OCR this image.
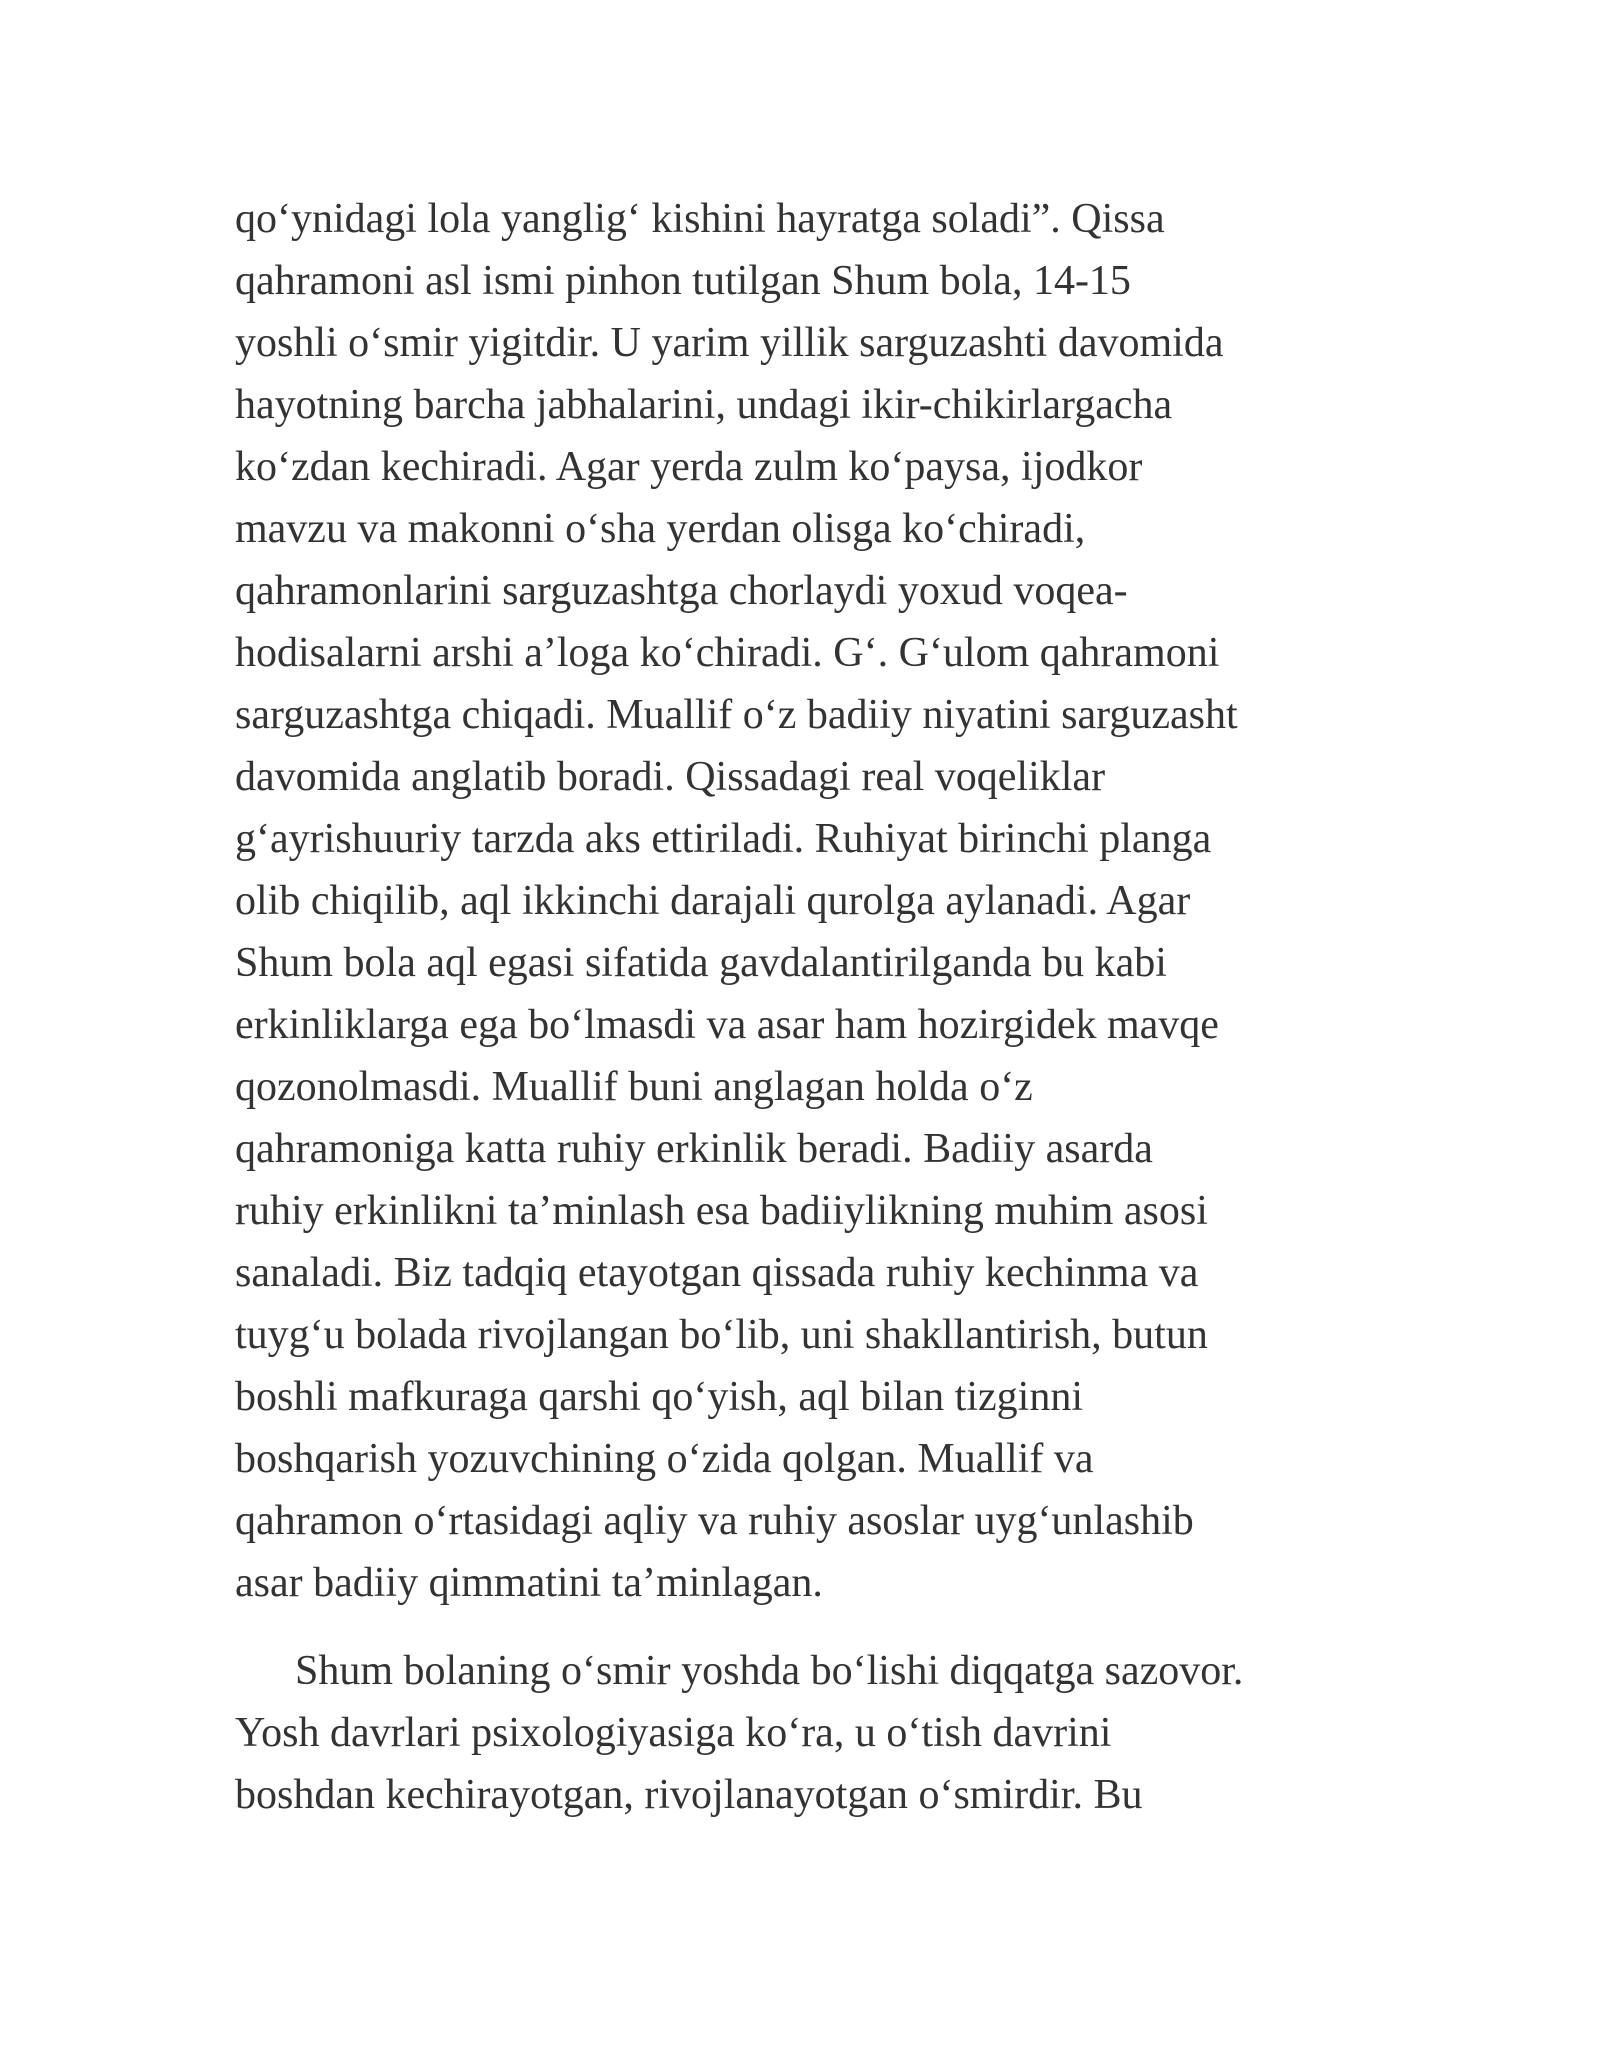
qo‘ynidagi lola yanglig‘ kishini hayratga soladi”. Qissa
qahramoni asl ismi pinhon tutilgan Shum bola, 14-15
yoshli o‘smir yigitdir. U yarim yillik sarguzashti davomida
hayotning barcha jabhalarini, undagi ikir-chikirlargacha
ko‘zdan kechiradi. Agar yerda zulm ko‘paysa, ijodkor
mavzu va makonni o‘sha yerdan olisga ko‘chiradi,
qahramonlarini sarguzashtga chorlaydi yoxud voqea-
hodisalarni arshi a’loga ko‘chiradi. G‘. G‘ulom qahramoni
sarguzashtga chiqadi. Muallif o‘z badiiy niyatini sarguzasht
davomida anglatib boradi. Qissadagi real voqeliklar
g‘ayrishuuriy tarzda aks ettiriladi. Ruhiyat birinchi planga
olib chiqilib, aql ikkinchi darajali qurolga aylanadi. Agar
Shum bola aql egasi sifatida gavdalantirilganda bu kabi
erkinliklarga ega bo‘lmasdi va asar ham hozirgidek mavqe
qozonolmasdi. Muallif buni anglagan holda o‘z
qahramoniga katta ruhiy erkinlik beradi. Badiiy asarda
ruhiy erkinlikni ta’minlash esa badiiylikning muhim asosi
sanaladi. Biz tadqiq etayotgan qissada ruhiy kechinma va
tuyg‘u bolada rivojlangan bo‘lib, uni shakllantirish, butun
boshli mafkuraga qarshi qo‘yish, aql bilan tizginni
boshqarish yozuvchining o‘zida qolgan. Muallif va
qahramon o‘rtasidagi aqliy va ruhiy asoslar uyg‘unlashib
asar badiiy qimmatini ta’minlagan.
Shum bolaning o‘smir yoshda bo‘lishi diqqatga sazovor.
Yosh davrlari psixologiyasiga ko‘ra, u o‘tish davrini
boshdan kechirayotgan, rivojlanayotgan o‘smirdir. Bu
